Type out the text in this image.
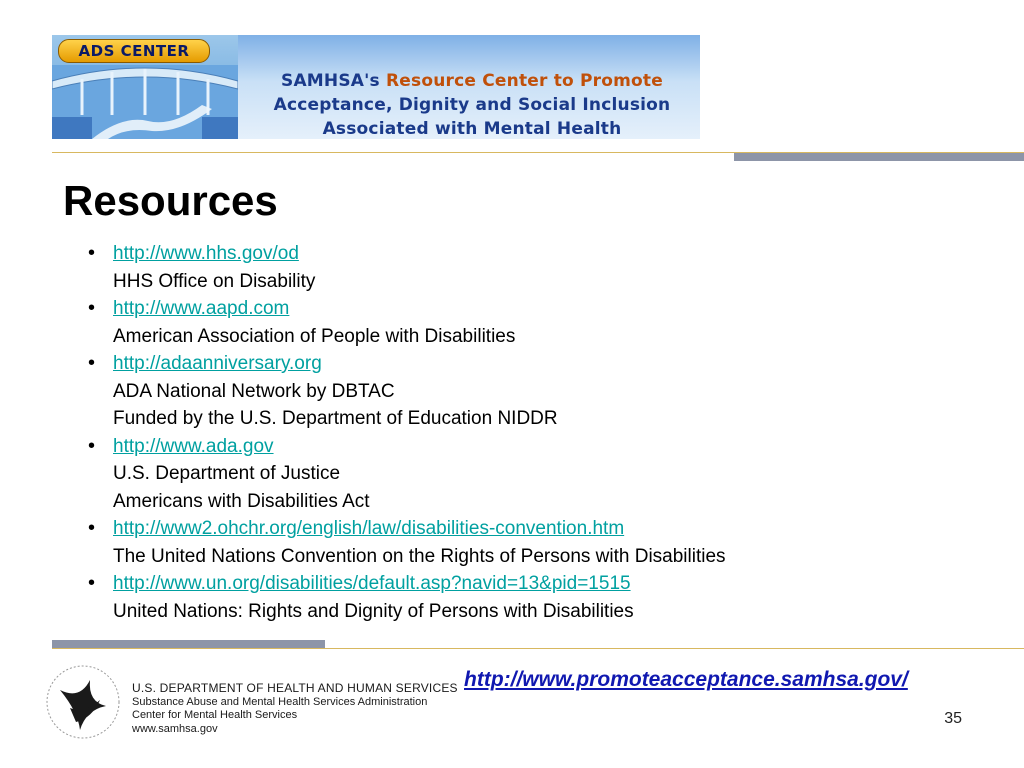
ADS CENTER
SAMHSA's Resource Center to Promote
Acceptance, Dignity and Social Inclusion
Associated with Mental Health
Resources
• http://www.hhs.gov/od
HHS Office on Disability
• http://www.aapd.com
American Association of People with Disabilities
• http://adaanniversary.org
ADA National Network by DBTAC
Funded by the U.S. Department of Education NIDDR
• http://www.ada.gov
U.S. Department of Justice
Americans with Disabilities Act
• http://www2.ohchr.org/english/law/disabilities-convention.htm
The United Nations Convention on the Rights of Persons with Disabilities
• http://www.un.org/disabilities/default.asp?navid=13&pid=1515
United Nations: Rights and Dignity of Persons with Disabilities
U.S. DEPARTMENT OF HEALTH AND HUMAN SERVICES
Substance Abuse and Mental Health Services Administration
Center for Mental Health Services
www.samhsa.gov
http://www.promoteacceptance.samhsa.gov/
35
